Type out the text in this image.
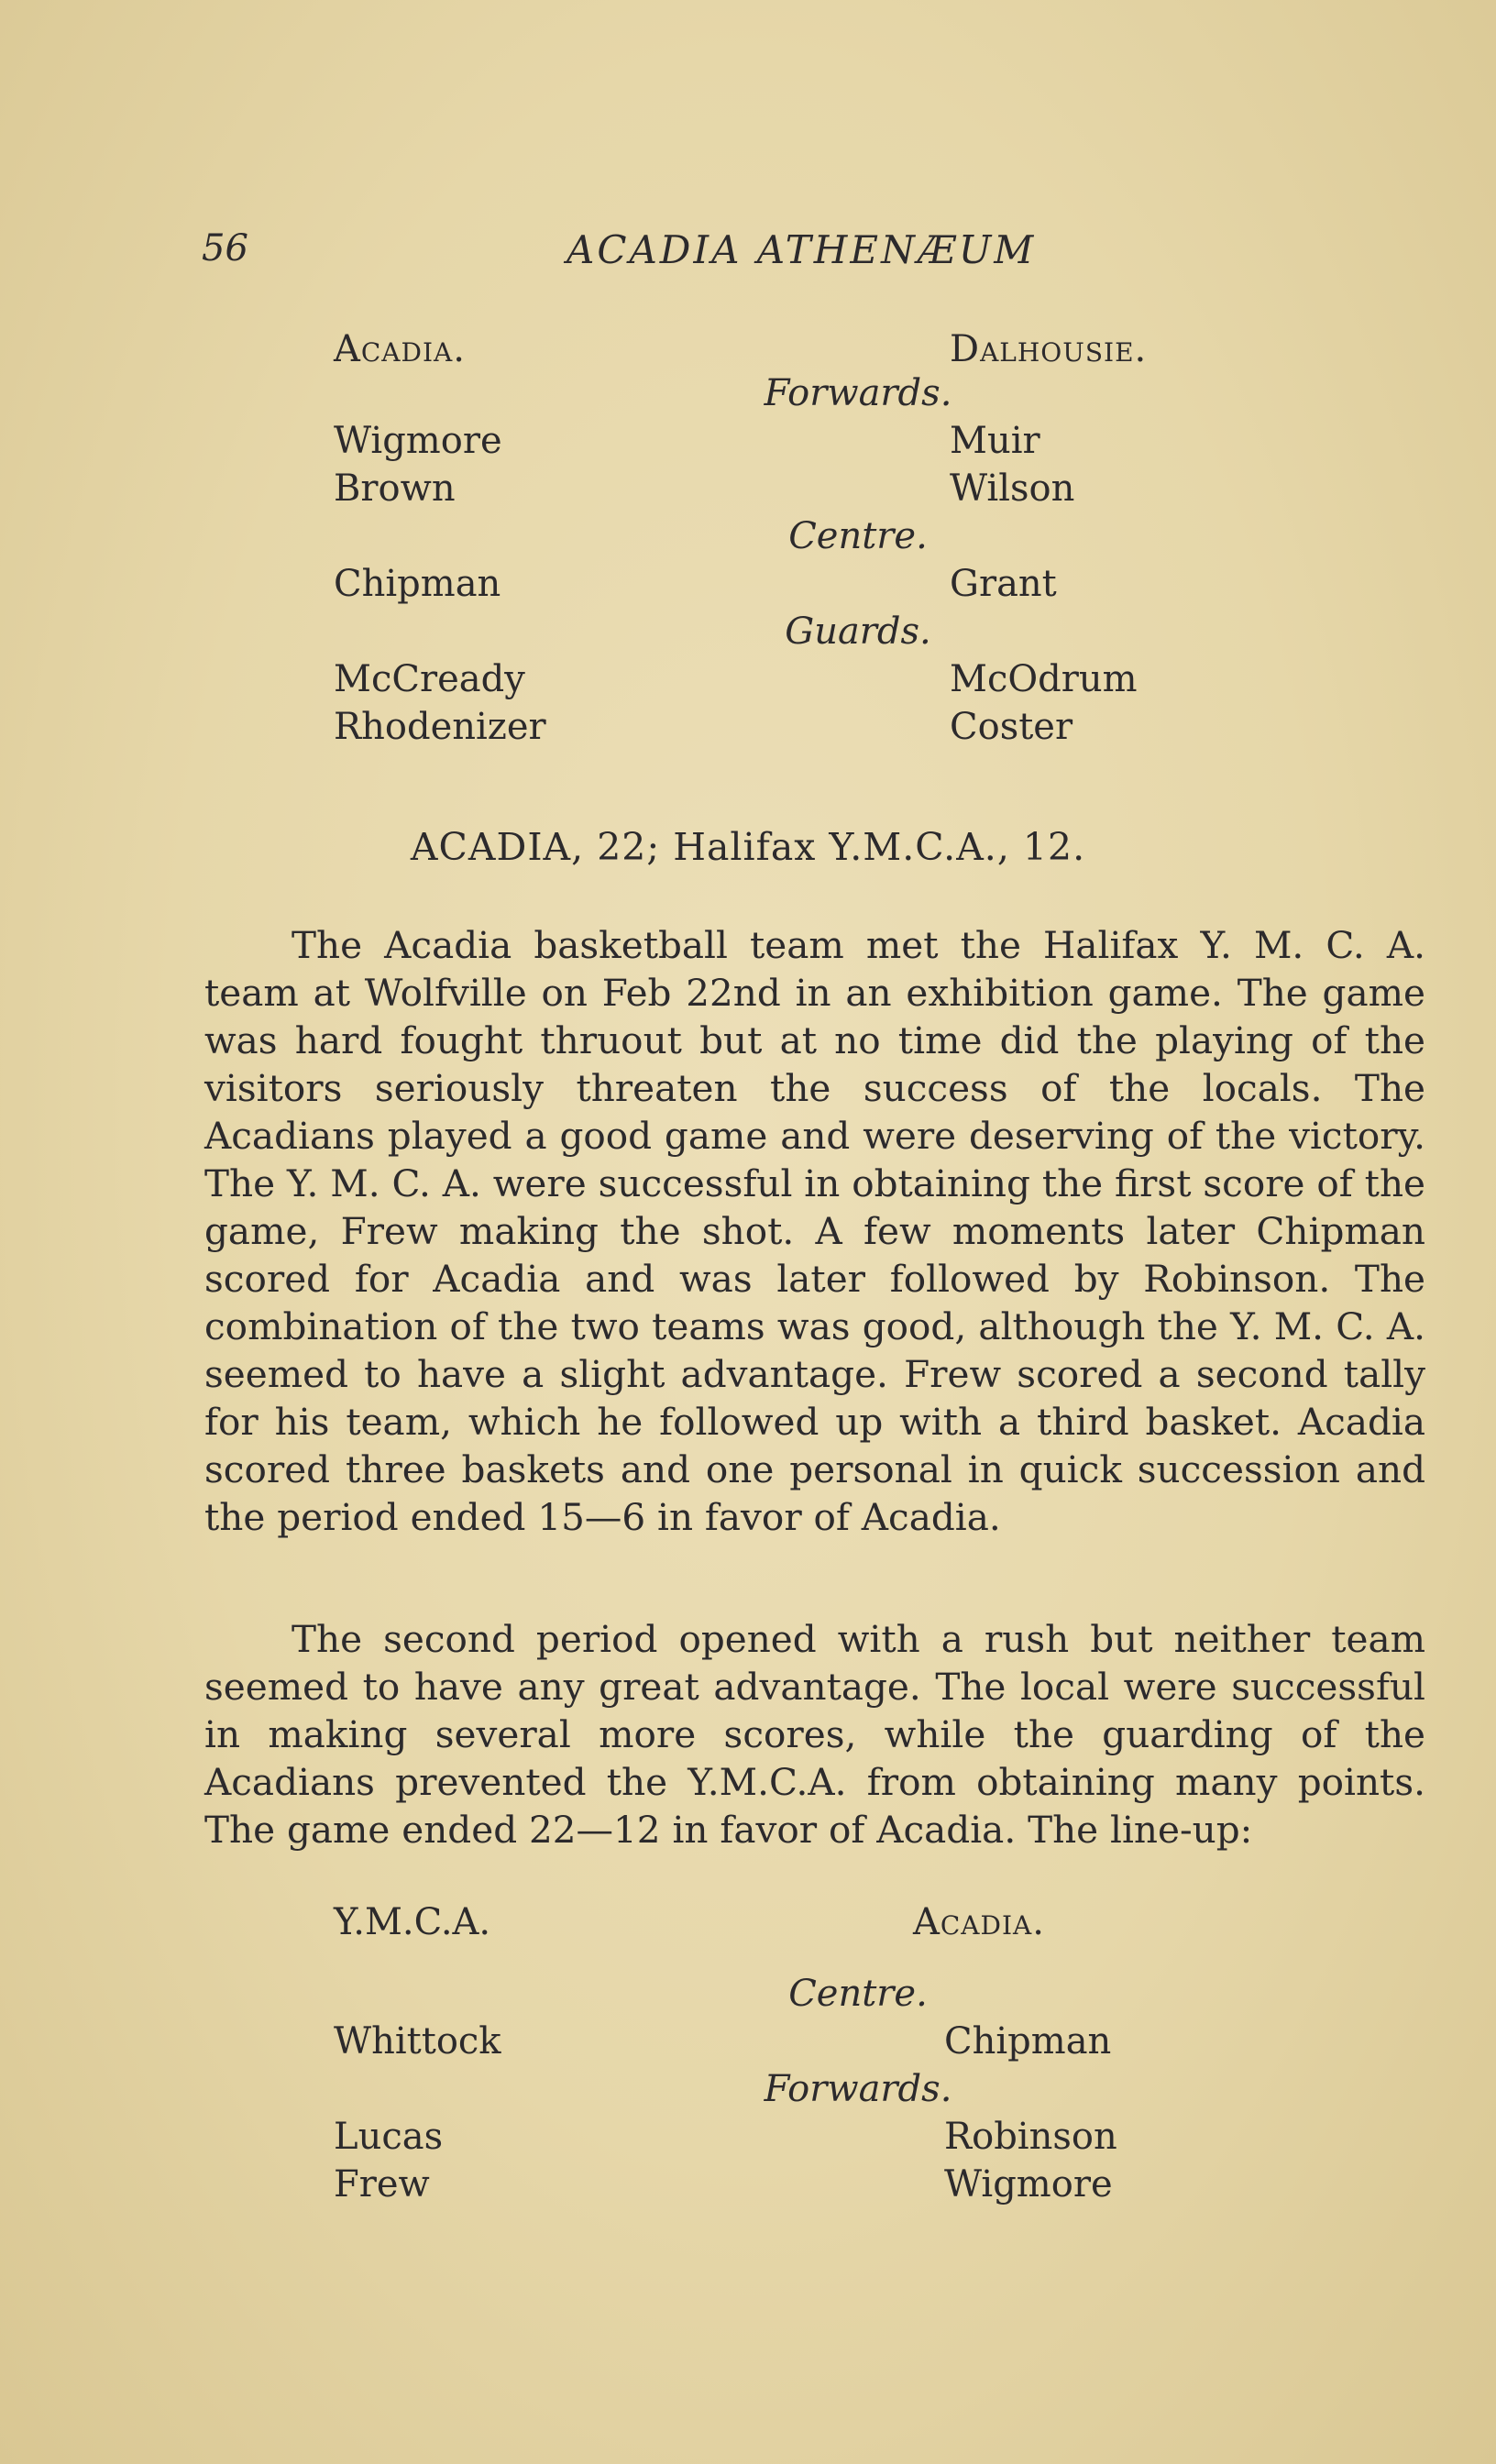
56	ACADIA ATHENÆUM
Acadia.	Dalhousie.
Forwards.
Wigmore	Muir
Brown	Wilson
Centre.
Chipman	Grant
Guards.
McCready	McOdrum
Rhodenizer	Coster
ACADIA, 22; Halifax Y.M.C.A., 12.

The Acadia basketball team met the Halifax Y. M. C. A. team at Wolfville on Feb 22nd in an exhibition game. The game was hard fought thruout but at no time did the playing of the visitors seriously threaten the success of the locals. The Acadians played a good game and were deserving of the victory. The Y. M. C. A. were successful in obtaining the first score of the game, Frew making the shot. A few moments later Chipman scored for Acadia and was later followed by Robinson. The combination of the two teams was good, although the Y. M. C. A. seemed to have a slight advantage. Frew scored a second tally for his team, which he followed up with a third basket. Acadia scored three baskets and one personal in quick succession and the period ended 15—6 in favor of Acadia.

The second period opened with a rush but neither team seemed to have any great advantage. The local were successful in making several more scores, while the guarding of the Acadians prevented the Y.M.C.A. from obtaining many points. The game ended 22—12 in favor of Acadia. The line-up:

Y.M.C.A.	Acadia.
Centre.
Whittock	Chipman
Forwards.
Lucas	Robinson
Frew	Wigmore
